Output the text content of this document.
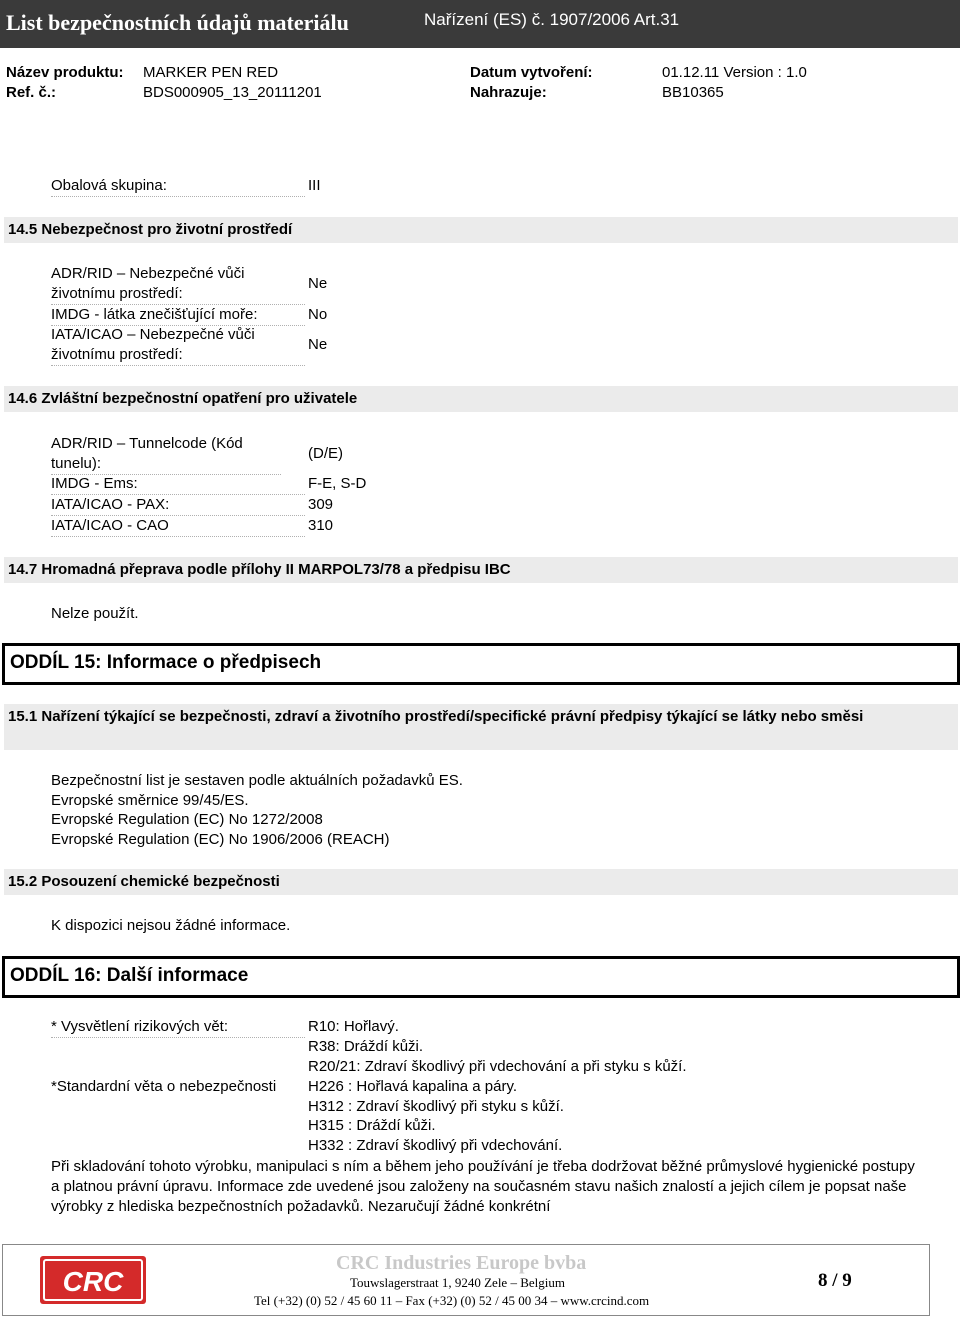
List bezpečnostních údajů materiálu	Nařízení (ES) č. 1907/2006 Art.31
Název produktu: MARKER PEN RED
Ref. č.:	BDS000905_13_20111201
Datum vytvoření:	01.12.11 Version : 1.0
Nahrazuje:	BB10365
Obalová skupina:	III
14.5 Nebezpečnost pro životní prostředí
ADR/RID – Nebezpečné vůči životnímu prostředí:
Ne
IMDG - látka znečišťující moře:	No
IATA/ICAO – Nebezpečné vůči životnímu prostředí:
Ne
14.6 Zvláštní bezpečnostní opatření pro uživatele
ADR/RID – Tunnelcode (Kód tunelu):
(D/E)
IMDG - Ems:	F-E, S-D
IATA/ICAO - PAX:	309
IATA/ICAO - CAO	310
14.7 Hromadná přeprava podle přílohy II MARPOL73/78 a předpisu IBC
Nelze použít.
ODDÍL 15: Informace o předpisech
15.1 Nařízení týkající se bezpečnosti, zdraví a životního prostředí/specifické právní předpisy týkající se látky nebo směsi
Bezpečnostní list je sestaven podle aktuálních požadavků ES.
Evropské směrnice 99/45/ES.
Evropské Regulation (EC) No 1272/2008
Evropské Regulation (EC) No 1906/2006 (REACH)
15.2 Posouzení chemické bezpečnosti
K dispozici nejsou žádné informace.
ODDÍL 16: Další informace
* Vysvětlení rizikových vět:	R10: Hořlavý.
R38: Dráždí kůži.
R20/21: Zdraví škodlivý při vdechování a při styku s kůží.
*Standardní věta o nebezpečnosti	H226 : Hořlavá kapalina a páry.
H312 : Zdraví škodlivý při styku s kůží.
H315 : Dráždí kůži.
H332 : Zdraví škodlivý při vdechování.
Při skladování tohoto výrobku, manipulaci s ním a během jeho používání je třeba dodržovat běžné průmyslové hygienické postupy a platnou právní úpravu. Informace zde uvedené jsou založeny na současném stavu našich znalostí a jejich cílem je popsat naše výrobky z hlediska bezpečnostních požadavků. Nezaručují žádné konkrétní
CRC
CRC Industries Europe bvba
Touwslagerstraat 1, 9240 Zele – Belgium
Tel (+32) (0) 52 / 45 60 11 – Fax (+32) (0) 52 / 45 00 34 – www.crcind.com
8 / 9
